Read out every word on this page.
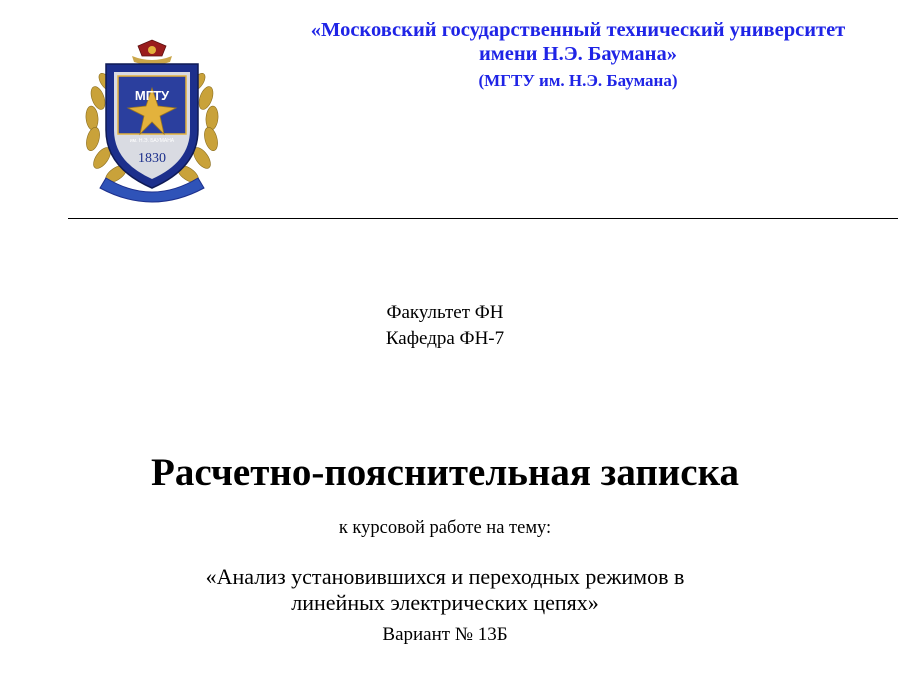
МГТУ
им. Н.Э. БАУМАНА
1830
«Московский государственный технический университет
имени Н.Э. Баумана»
(МГТУ им. Н.Э. Баумана)
Факультет ФН
Кафедра ФН-7
Расчетно-пояснительная записка
к курсовой работе на тему:
«Анализ установившихся и переходных режимов в
линейных электрических цепях»
Вариант № 13Б
